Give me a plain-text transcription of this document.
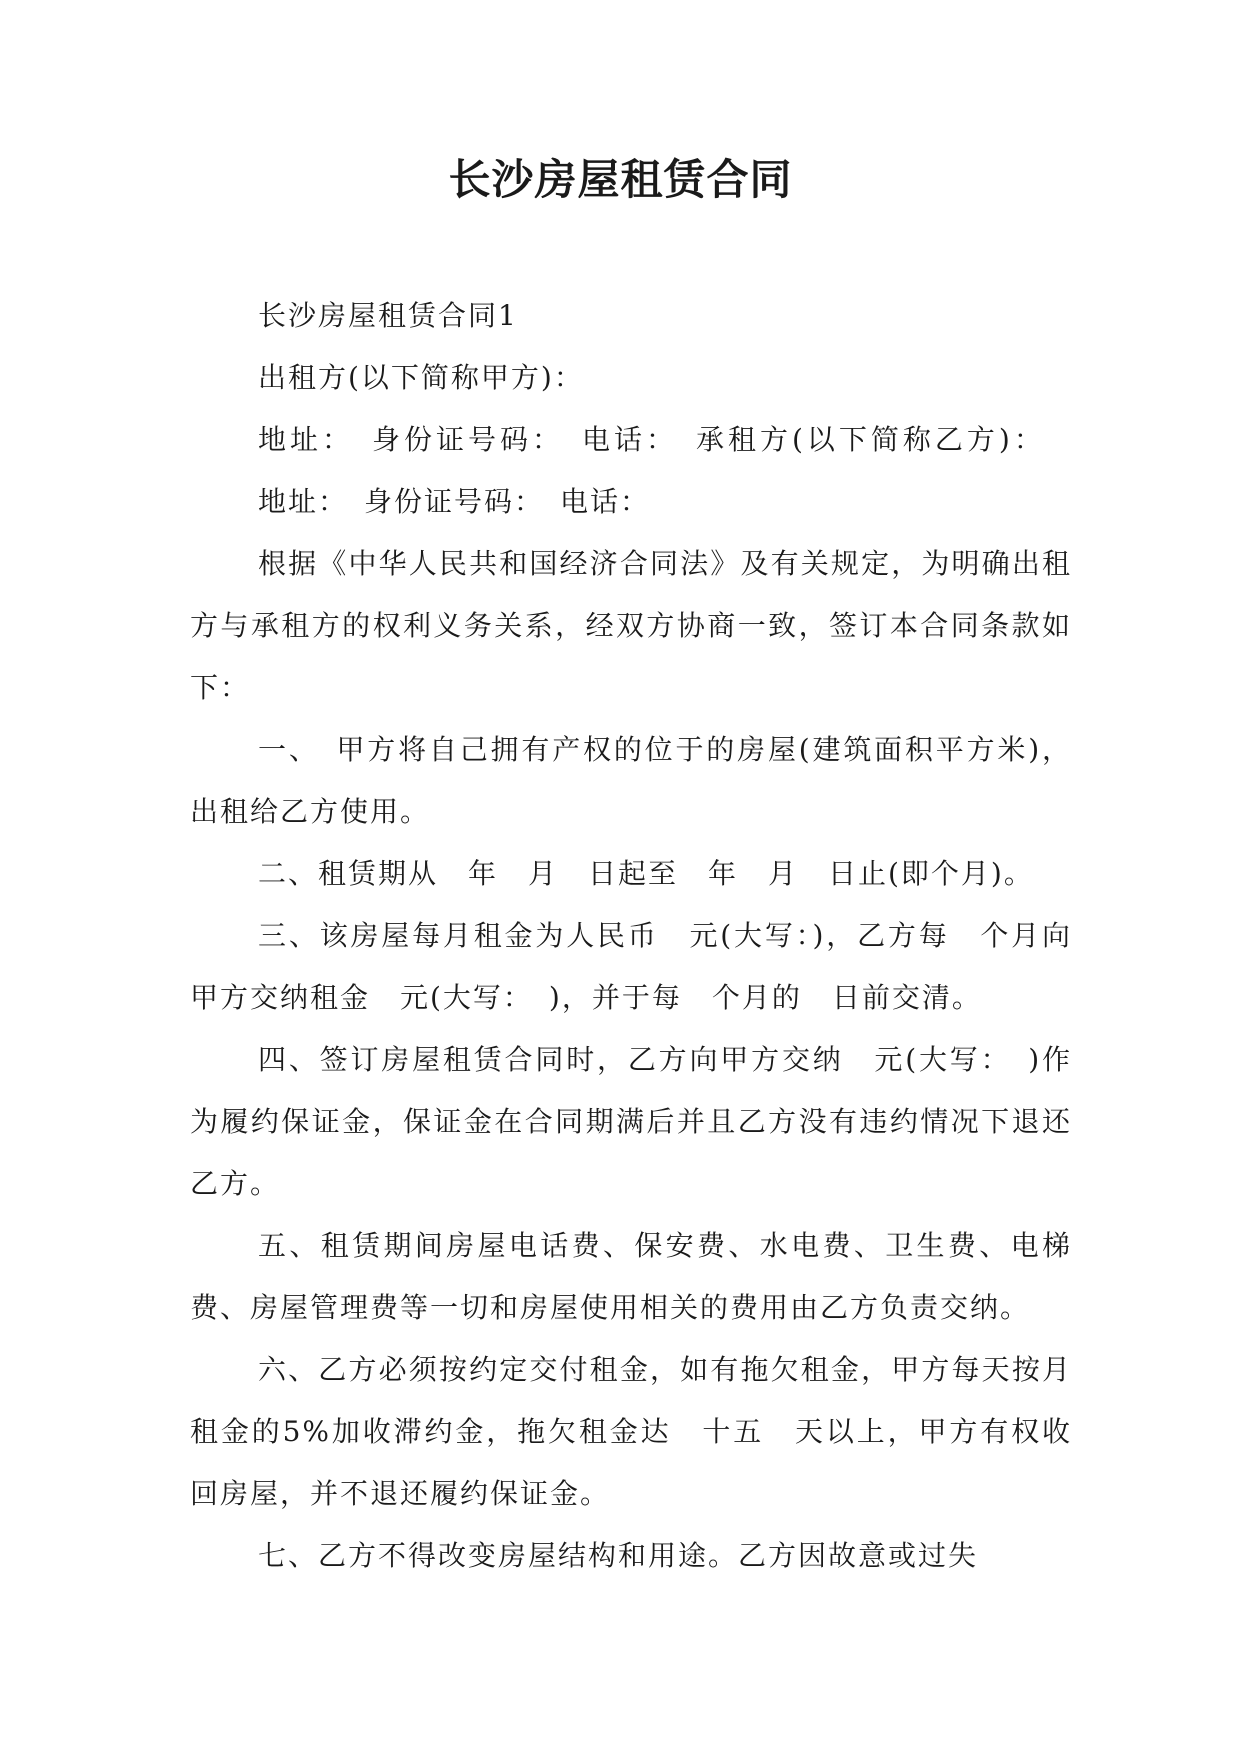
长沙房屋租赁合同

长沙房屋租赁合同1

出租方(以下简称甲方)：

地址：　身份证号码：　电话：　承租方(以下简称乙方)：

地址：　身份证号码：　电话：

根据《中华人民共和国经济合同法》及有关规定，为明确出租方与承租方的权利义务关系，经双方协商一致，签订本合同条款如下：

一、　甲方将自己拥有产权的位于的房屋(建筑面积平方米)，出租给乙方使用。

二、租赁期从　年　月　日起至　年　月　日止(即个月)。

三、该房屋每月租金为人民币　元(大写：)，乙方每　个月向甲方交纳租金　元(大写：　)，并于每　个月的　日前交清。

四、签订房屋租赁合同时，乙方向甲方交纳　元(大写：　)作为履约保证金，保证金在合同期满后并且乙方没有违约情况下退还乙方。

五、租赁期间房屋电话费、保安费、水电费、卫生费、电梯费、房屋管理费等一切和房屋使用相关的费用由乙方负责交纳。

六、乙方必须按约定交付租金，如有拖欠租金，甲方每天按月租金的5%加收滞约金，拖欠租金达　十五　天以上，甲方有权收回房屋，并不退还履约保证金。

七、乙方不得改变房屋结构和用途。乙方因故意或过失
